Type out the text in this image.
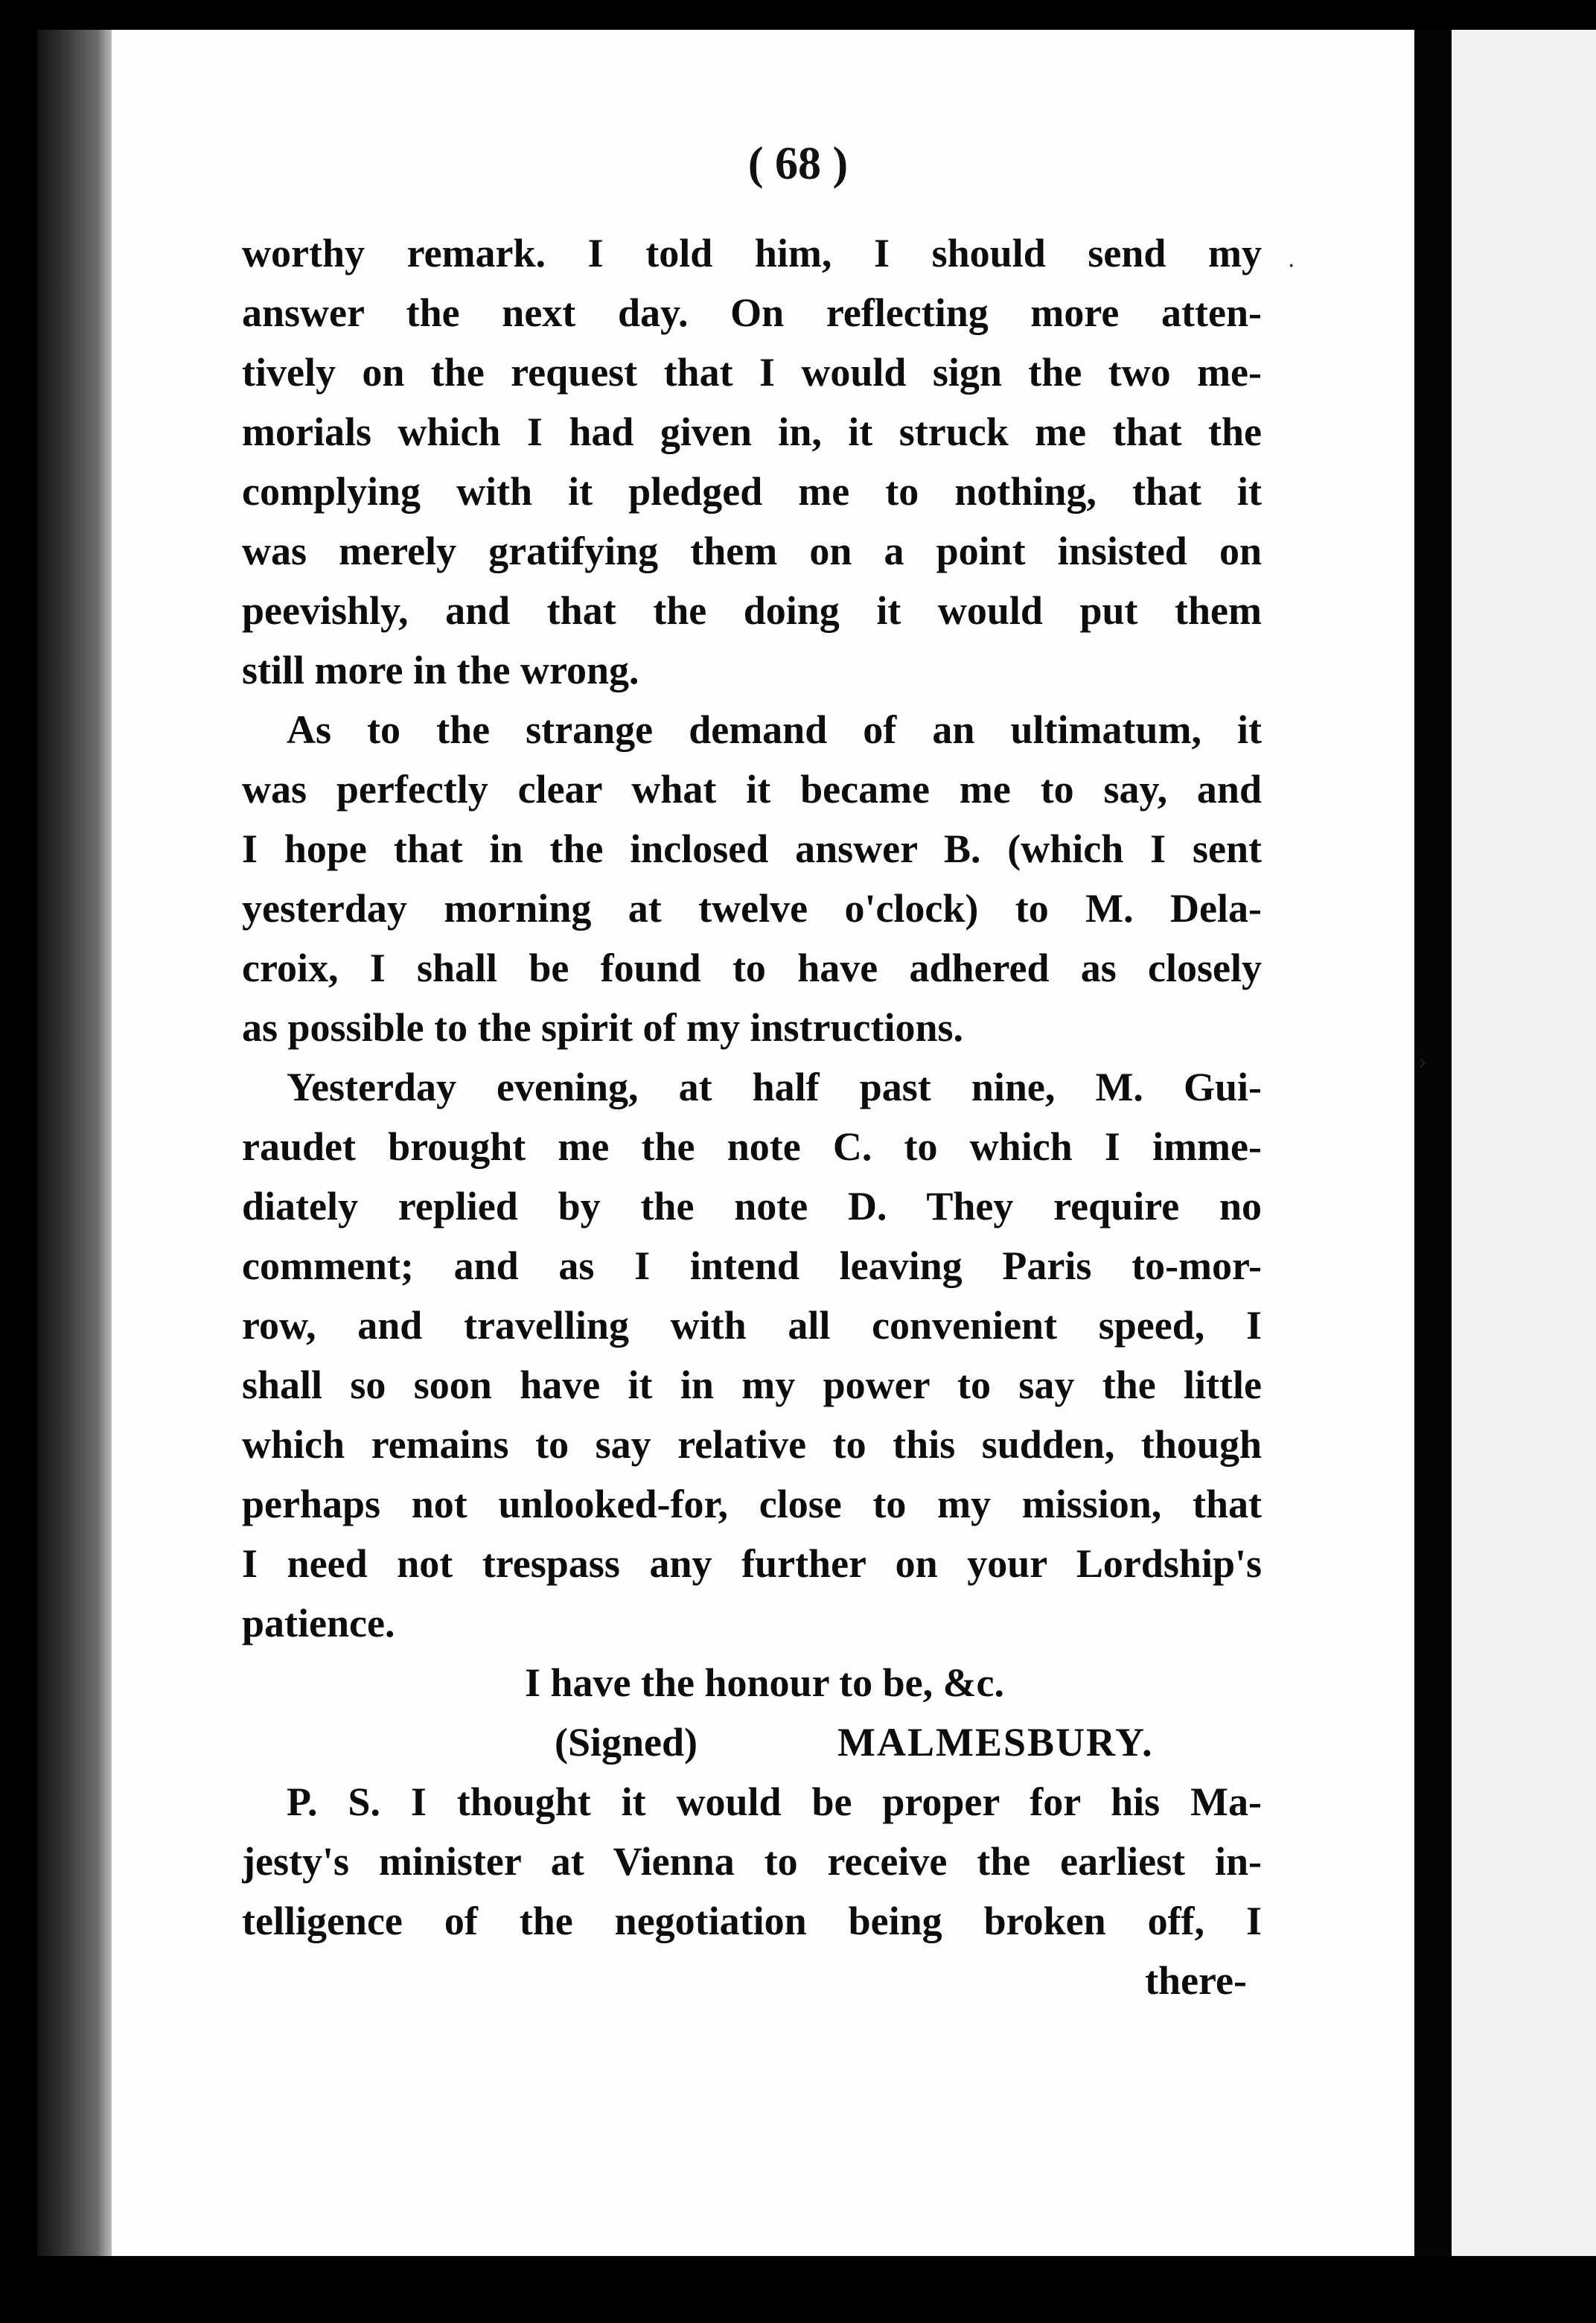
( 68 )

worthy remark. I told him, I should send my
answer the next day. On reflecting more atten-
tively on the request that I would sign the two me-
morials which I had given in, it struck me that the
complying with it pledged me to nothing, that it
was merely gratifying them on a point insisted on
peevishly, and that the doing it would put them
still more in the wrong.
As to the strange demand of an ultimatum, it
was perfectly clear what it became me to say, and
I hope that in the inclosed answer B. (which I sent
yesterday morning at twelve o'clock) to M. Dela-
croix, I shall be found to have adhered as closely
as possible to the spirit of my instructions.
Yesterday evening, at half past nine, M. Gui-
raudet brought me the note C. to which I imme-
diately replied by the note D. They require no
comment; and as I intend leaving Paris to-mor-
row, and travelling with all convenient speed, I
shall so soon have it in my power to say the little
which remains to say relative to this sudden, though
perhaps not unlooked-for, close to my mission, that
I need not trespass any further on your Lordship's
patience.
I have the honour to be, &c.
(Signed)	MALMESBURY.
P. S. I thought it would be proper for his Ma-
jesty's minister at Vienna to receive the earliest in-
telligence of the negotiation being broken off, I
there-
›
·
